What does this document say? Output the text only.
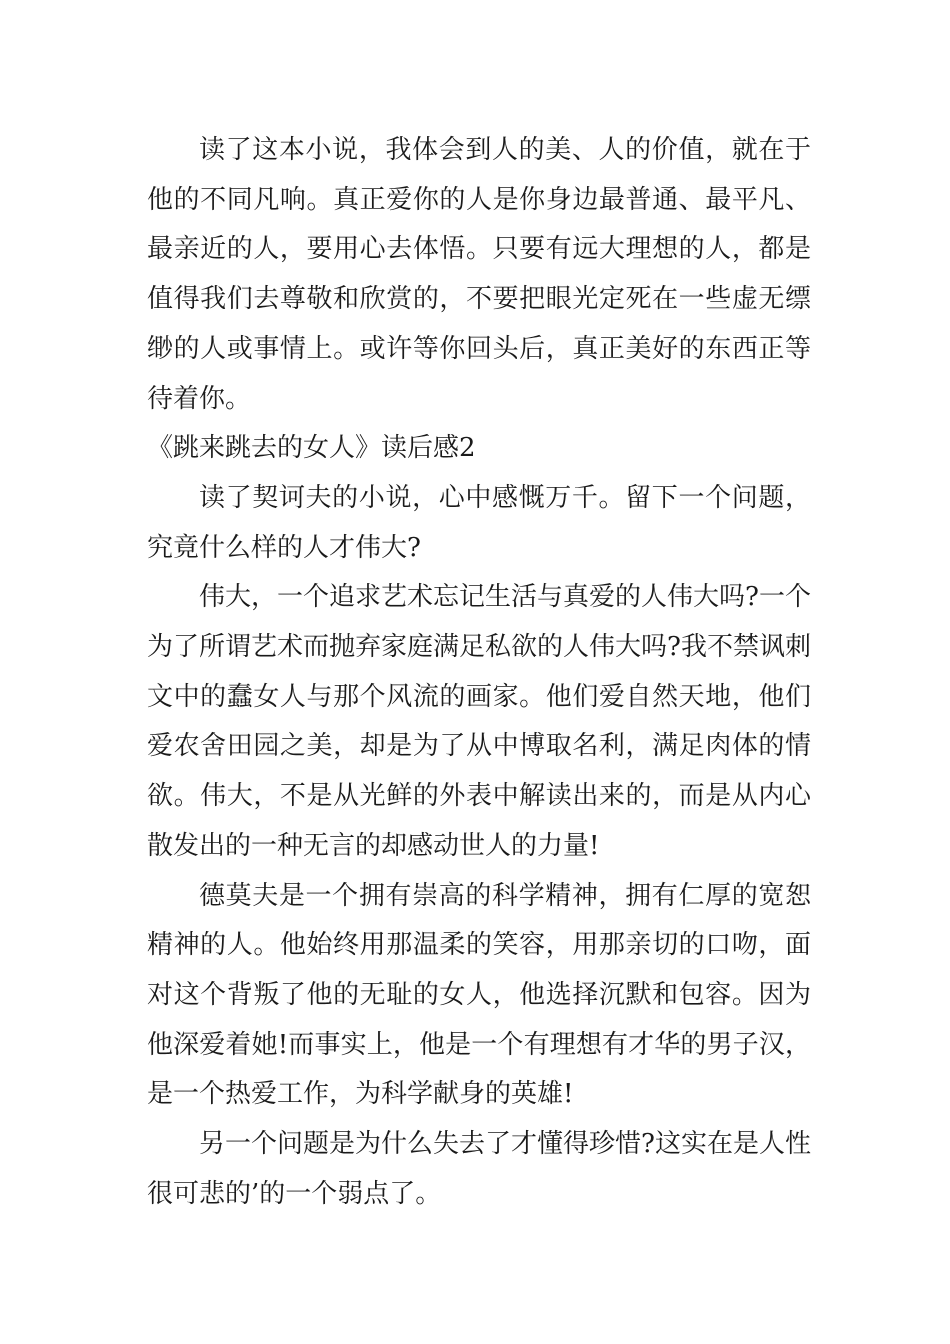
读了这本小说，我体会到人的美、人的价值，就在于他的不同凡响。真正爱你的人是你身边最普通、最平凡、最亲近的人，要用心去体悟。只要有远大理想的人，都是值得我们去尊敬和欣赏的，不要把眼光定死在一些虚无缥缈的人或事情上。或许等你回头后，真正美好的东西正等待着你。

《跳来跳去的女人》读后感2

读了契诃夫的小说，心中感慨万千。留下一个问题，究竟什么样的人才伟大?

伟大，一个追求艺术忘记生活与真爱的人伟大吗?一个为了所谓艺术而抛弃家庭满足私欲的人伟大吗?我不禁讽刺文中的蠢女人与那个风流的画家。他们爱自然天地，他们爱农舍田园之美，却是为了从中博取名利，满足肉体的情欲。伟大，不是从光鲜的外表中解读出来的，而是从内心散发出的一种无言的却感动世人的力量!

德莫夫是一个拥有崇高的科学精神，拥有仁厚的宽恕精神的人。他始终用那温柔的笑容，用那亲切的口吻，面对这个背叛了他的无耻的女人，他选择沉默和包容。因为他深爱着她!而事实上，他是一个有理想有才华的男子汉，是一个热爱工作，为科学献身的英雄!

另一个问题是为什么失去了才懂得珍惜?这实在是人性很可悲的’的一个弱点了。
